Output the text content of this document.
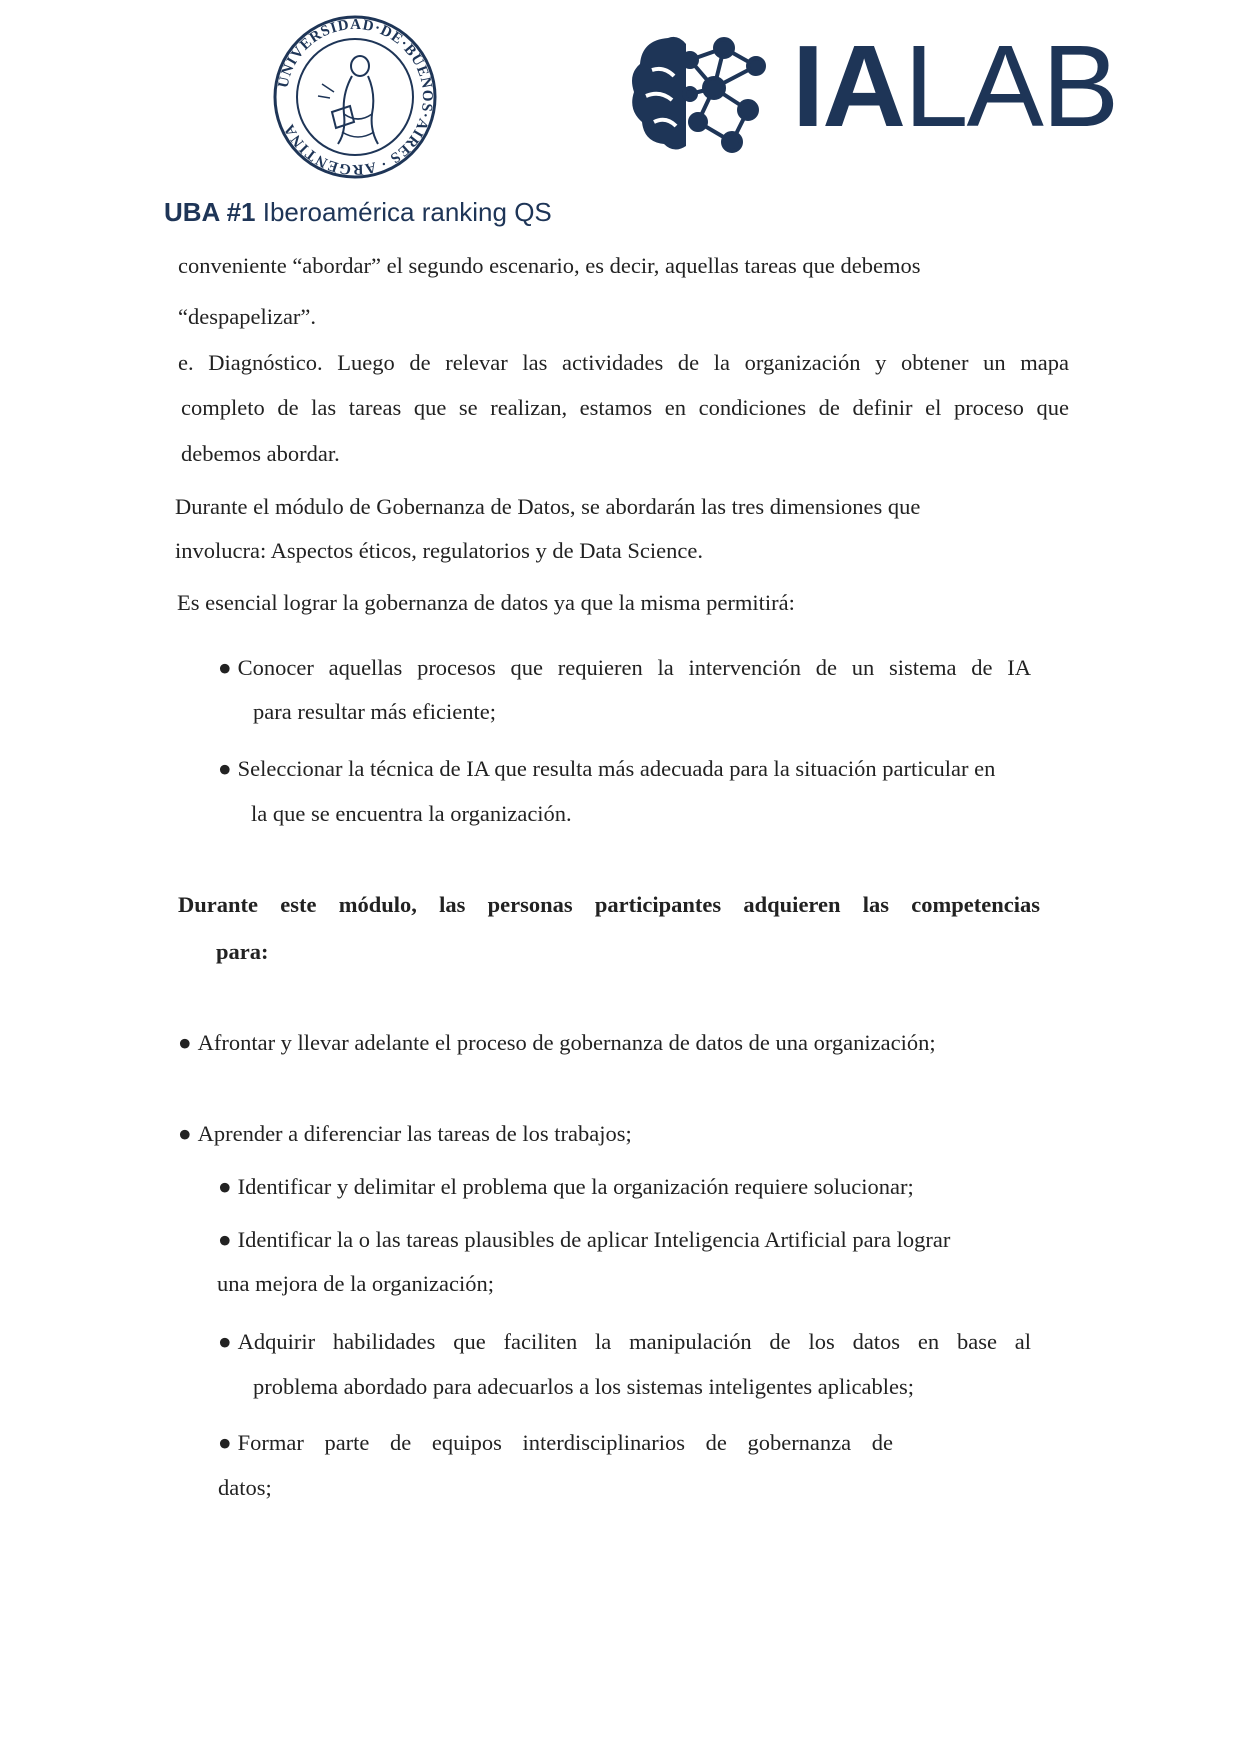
UNIVERSIDAD·DE·BUENOS·AIRES · ARGENTINA	IALAB
UBA #1 Iberoamérica ranking QS
conveniente “abordar” el segundo escenario, es decir, aquellas tareas que debemos
“despapelizar”.
e. Diagnóstico. Luego de relevar las actividades de la organización y obtener un mapa
completo de las tareas que se realizan, estamos en condiciones de definir el proceso que
debemos abordar.
Durante el módulo de Gobernanza de Datos, se abordarán las tres dimensiones que
involucra: Aspectos éticos, regulatorios y de Data Science.
Es esencial lograr la gobernanza de datos ya que la misma permitirá:
● Conocer aquellas procesos que requieren la intervención de un sistema de IA
para resultar más eficiente;
● Seleccionar la técnica de IA que resulta más adecuada para la situación particular en
la que se encuentra la organización.
Durante este módulo, las personas participantes adquieren las competencias
para:
● Afrontar y llevar adelante el proceso de gobernanza de datos de una organización;
● Aprender a diferenciar las tareas de los trabajos;
● Identificar y delimitar el problema que la organización requiere solucionar;
● Identificar la o las tareas plausibles de aplicar Inteligencia Artificial para lograr
una mejora de la organización;
● Adquirir habilidades que faciliten la manipulación de los datos en base al
problema abordado para adecuarlos a los sistemas inteligentes aplicables;
● Formar parte de equipos interdisciplinarios de gobernanza de
datos;
